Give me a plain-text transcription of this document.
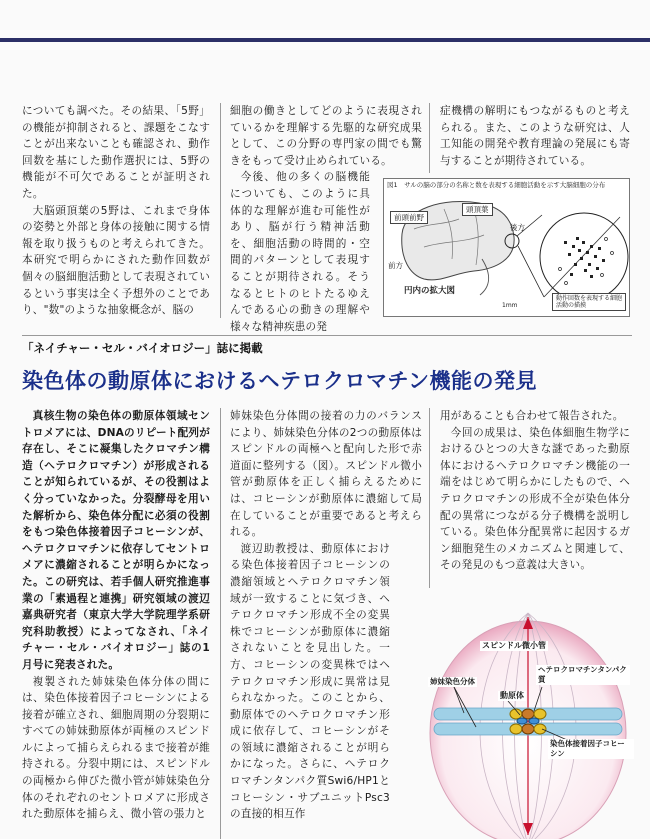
についても調べた。その結果、「5野」の機能が抑制されると、課題をこなすことが出来ないことも確認され、動作回数を基にした動作選択には、5野の機能が不可欠であることが証明された。

大脳頭頂葉の5野は、これまで身体の姿勢と外部と身体の接触に関する情報を取り扱うものと考えられてきた。本研究で明らかにされた動作回数が個々の脳細胞活動として表現されているという事実は全く予想外のことであり、"数"のような抽象概念が、脳の

細胞の働きとしてどのように表現されているかを理解する先駆的な研究成果として、この分野の専門家の間でも驚きをもって受け止められている。

今後、他の多くの脳機能についても、このように具体的な理解が進む可能性があり、脳が行う精神活動を、細胞活動の時間的・空間的パターンとして表現することが期待される。そうなるとヒトのヒトたるゆえんである心の動きの理解や様々な精神疾患の発

症機構の解明にもつながるものと考えられる。また、このような研究は、人工知能の開発や教育理論の発展にも寄与することが期待されている。

図1　サルの脳の部分の名称と数を表現する細胞活動を示す大脳細胞の分布
前頭前野
頭頂葉
前方
後方
円内の拡大図
1mm
動作回数を表現する細胞活動の描摸
「ネイチャー・セル・バイオロジー」誌に掲載
染色体の動原体におけるヘテロクロマチン機能の発見

真核生物の染色体の動原体領域セントロメアには、DNAのリピート配列が存在し、そこに凝集したクロマチン構造（ヘテロクロマチン）が形成されることが知られているが、その役割はよく分っていなかった。分裂酵母を用いた解析から、染色体分配に必須の役割をもつ染色体接着因子コヒーシンが、ヘテロクロマチンに依存してセントロメアに濃縮されることが明らかになった。この研究は、若手個人研究推進事業の「素過程と連携」研究領域の渡辺嘉典研究者（東京大学大学院理学系研究科助教授）によってなされ、「ネイチャー・セル・バイオロジー」誌の1月号に発表された。

複製された姉妹染色体分体の間には、染色体接着因子コヒーシンによる接着が確立され、細胞周期の分裂期にすべての姉妹動原体が両極のスピンドルによって捕らえられるまで接着が維持される。分裂中期には、スピンドルの両極から伸びた微小管が姉妹染色分体のそれぞれのセントロメアに形成された動原体を捕らえ、微小管の張力と

姉妹染色分体間の接着の力のバランスにより、姉妹染色分体の2つの動原体はスピンドルの両極へと配向した形で赤道面に整列する（図）。スピンドル微小管が動原体を正しく捕らえるためには、コヒーシンが動原体に濃縮して局在していることが重要であると考えられる。

渡辺助教授は、動原体における染色体接着因子コヒーシンの濃縮領域とヘテロクロマチン領域が一致することに気づき、ヘテロクロマチン形成不全の変異株でコヒーシンが動原体に濃縮されないことを見出した。一方、コヒーシンの変異株ではヘテロクロマチン形成に異常は見られなかった。このことから、動原体でのヘテロクロマチン形成に依存して、コヒーシンがその領域に濃縮されることが明らかになった。さらに、ヘテロクロマチンタンパク質Swi6/HP1とコヒーシン・サブユニットPsc3の直接的相互作

用があることも合わせて報告された。

今回の成果は、染色体細胞生物学におけるひとつの大きな謎であった動原体におけるヘテロクロマチン機能の一端をはじめて明らかにしたもので、ヘテロクロマチンの形成不全が染色体分配の異常につながる分子機構を説明している。染色体分配異常に起因するガン細胞発生のメカニズムと関連して、その発見のもつ意義は大きい。

スピンドル微小管
ヘテロクロマチンタンパク質
動原体
姉妹染色分体
染色体接着因子コヒーシン
